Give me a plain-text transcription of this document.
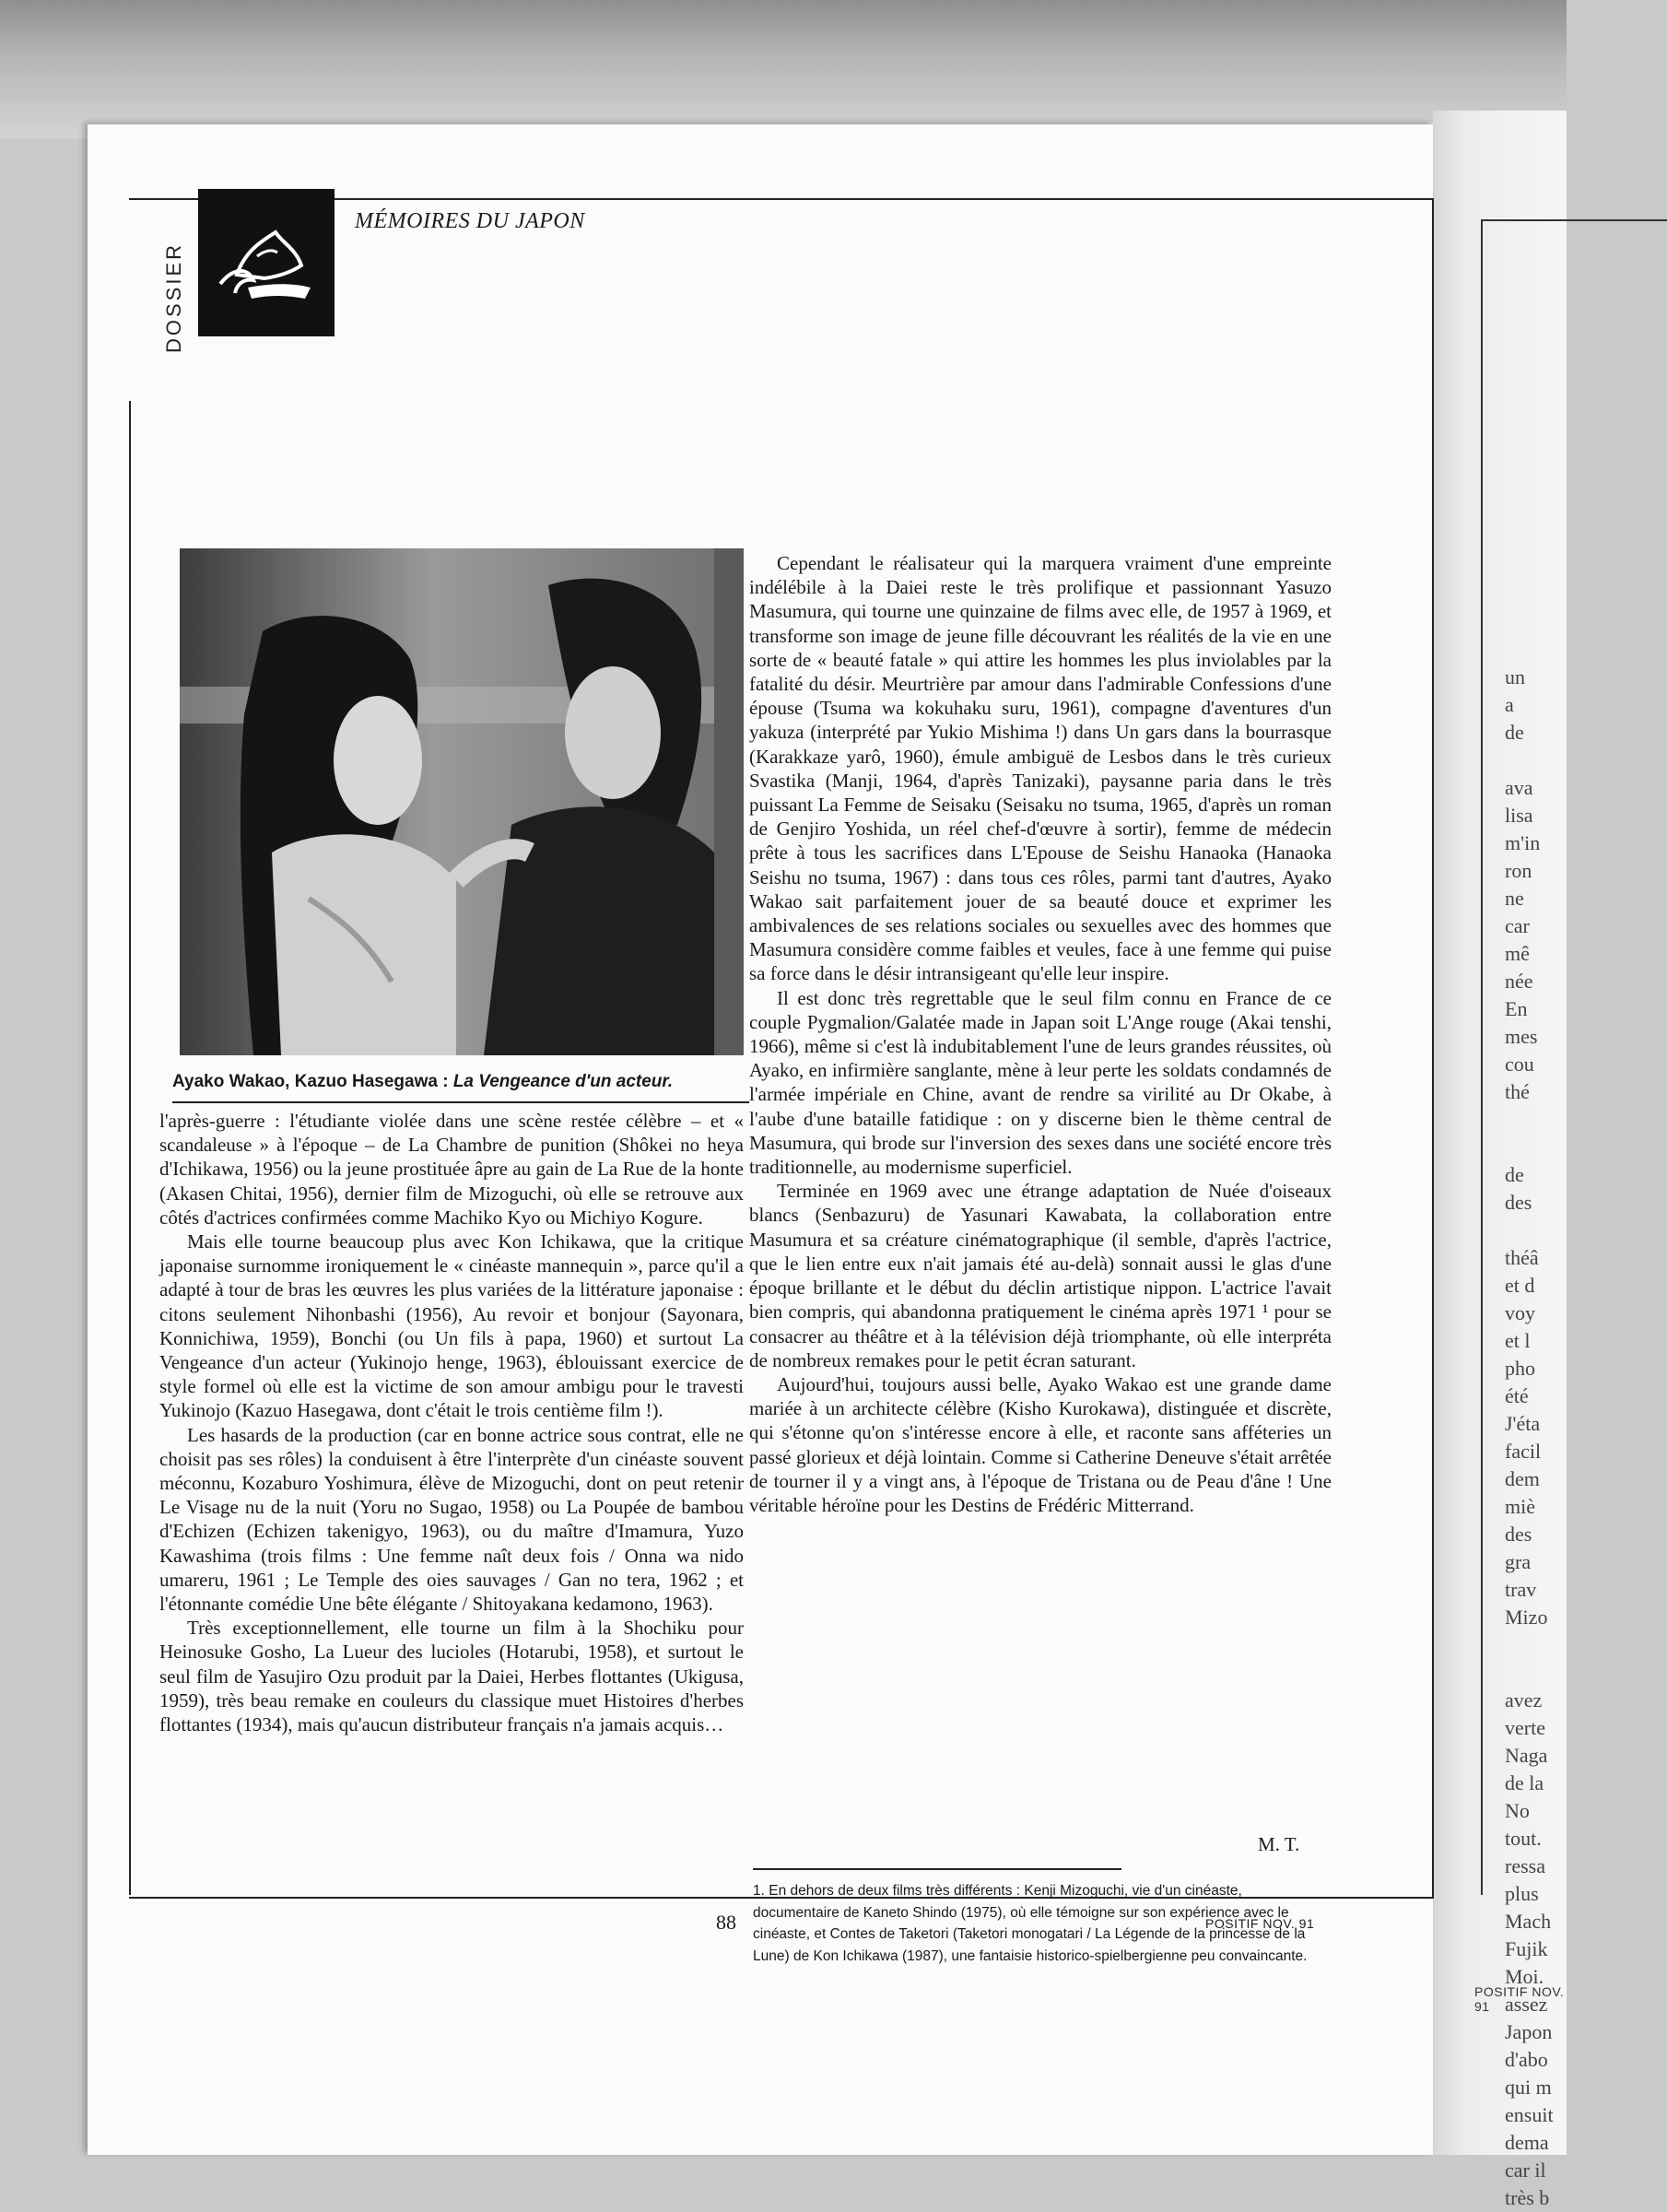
un
a
de
ava
lisa
m'in
ron
ne
car
mê
née
En
mes
cou
thé
de
des
théâ
et d
voy
et l
pho
été
J'éta
facil
dem
miè
des
gra
trav
Mizo
avez
verte
Naga
de la
No
tout.
ressa
plus
Mach
Fujik
Moi.
assez
Japon
d'abo
qui m
ensuit
dema
car il
très b
POSITIF NOV. 91
DOSSIER
MÉMOIRES DU JAPON
Ayako Wakao, Kazuo Hasegawa : La Vengeance d'un acteur.

l'après-guerre : l'étudiante violée dans une scène restée célèbre – et « scandaleuse » à l'époque – de La Chambre de punition (Shôkei no heya d'Ichikawa, 1956) ou la jeune prostituée âpre au gain de La Rue de la honte (Akasen Chitai, 1956), dernier film de Mizoguchi, où elle se retrouve aux côtés d'actrices confirmées comme Machiko Kyo ou Michiyo Kogure.

Mais elle tourne beaucoup plus avec Kon Ichikawa, que la critique japonaise surnomme ironiquement le « cinéaste mannequin », parce qu'il a adapté à tour de bras les œuvres les plus variées de la littérature japonaise : citons seulement Nihonbashi (1956), Au revoir et bonjour (Sayonara, Konnichiwa, 1959), Bonchi (ou Un fils à papa, 1960) et surtout La Vengeance d'un acteur (Yukinojo henge, 1963), éblouissant exercice de style formel où elle est la victime de son amour ambigu pour le travesti Yukinojo (Kazuo Hasegawa, dont c'était le trois centième film !).

Les hasards de la production (car en bonne actrice sous contrat, elle ne choisit pas ses rôles) la conduisent à être l'interprète d'un cinéaste souvent méconnu, Kozaburo Yoshimura, élève de Mizoguchi, dont on peut retenir Le Visage nu de la nuit (Yoru no Sugao, 1958) ou La Poupée de bambou d'Echizen (Echizen takenigyo, 1963), ou du maître d'Imamura, Yuzo Kawashima (trois films : Une femme naît deux fois / Onna wa nido umareru, 1961 ; Le Temple des oies sauvages / Gan no tera, 1962 ; et l'étonnante comédie Une bête élégante / Shitoyakana kedamono, 1963).

Très exceptionnellement, elle tourne un film à la Shochiku pour Heinosuke Gosho, La Lueur des lucioles (Hotarubi, 1958), et surtout le seul film de Yasujiro Ozu produit par la Daiei, Herbes flottantes (Ukigusa, 1959), très beau remake en couleurs du classique muet Histoires d'herbes flottantes (1934), mais qu'aucun distributeur français n'a jamais acquis…

Cependant le réalisateur qui la marquera vraiment d'une empreinte indélébile à la Daiei reste le très prolifique et passionnant Yasuzo Masumura, qui tourne une quinzaine de films avec elle, de 1957 à 1969, et transforme son image de jeune fille découvrant les réalités de la vie en une sorte de « beauté fatale » qui attire les hommes les plus inviolables par la fatalité du désir. Meurtrière par amour dans l'admirable Confessions d'une épouse (Tsuma wa kokuhaku suru, 1961), compagne d'aventures d'un yakuza (interprété par Yukio Mishima !) dans Un gars dans la bourrasque (Karakkaze yarô, 1960), émule ambiguë de Lesbos dans le très curieux Svastika (Manji, 1964, d'après Tanizaki), paysanne paria dans le très puissant La Femme de Seisaku (Seisaku no tsuma, 1965, d'après un roman de Genjiro Yoshida, un réel chef-d'œuvre à sortir), femme de médecin prête à tous les sacrifices dans L'Epouse de Seishu Hanaoka (Hanaoka Seishu no tsuma, 1967) : dans tous ces rôles, parmi tant d'autres, Ayako Wakao sait parfaitement jouer de sa beauté douce et exprimer les ambivalences de ses relations sociales ou sexuelles avec des hommes que Masumura considère comme faibles et veules, face à une femme qui puise sa force dans le désir intransigeant qu'elle leur inspire.

Il est donc très regrettable que le seul film connu en France de ce couple Pygmalion/Galatée made in Japan soit L'Ange rouge (Akai tenshi, 1966), même si c'est là indubitablement l'une de leurs grandes réussites, où Ayako, en infirmière sanglante, mène à leur perte les soldats condamnés de l'armée impériale en Chine, avant de rendre sa virilité au Dr Okabe, à l'aube d'une bataille fatidique : on y discerne bien le thème central de Masumura, qui brode sur l'inversion des sexes dans une société encore très traditionnelle, au modernisme superficiel.

Terminée en 1969 avec une étrange adaptation de Nuée d'oiseaux blancs (Senbazuru) de Yasunari Kawabata, la collaboration entre Masumura et sa créature cinématographique (il semble, d'après l'actrice, que le lien entre eux n'ait jamais été au-delà) sonnait aussi le glas d'une époque brillante et le début du déclin artistique nippon. L'actrice l'avait bien compris, qui abandonna pratiquement le cinéma après 1971 ¹ pour se consacrer au théâtre et à la télévision déjà triomphante, où elle interpréta de nombreux remakes pour le petit écran saturant.

Aujourd'hui, toujours aussi belle, Ayako Wakao est une grande dame mariée à un architecte célèbre (Kisho Kurokawa), distinguée et discrète, qui s'étonne qu'on s'intéresse encore à elle, et raconte sans afféteries un passé glorieux et déjà lointain. Comme si Catherine Deneuve s'était arrêtée de tourner il y a vingt ans, à l'époque de Tristana ou de Peau d'âne ! Une véritable héroïne pour les Destins de Frédéric Mitterrand.

M. T.
1. En dehors de deux films très différents : Kenji Mizoguchi, vie d'un cinéaste, documentaire de Kaneto Shindo (1975), où elle témoigne sur son expérience avec le cinéaste, et Contes de Taketori (Taketori monogatari / La Légende de la princesse de la Lune) de Kon Ichikawa (1987), une fantaisie historico-spielbergienne peu convaincante.
88	POSITIF NOV. 91
